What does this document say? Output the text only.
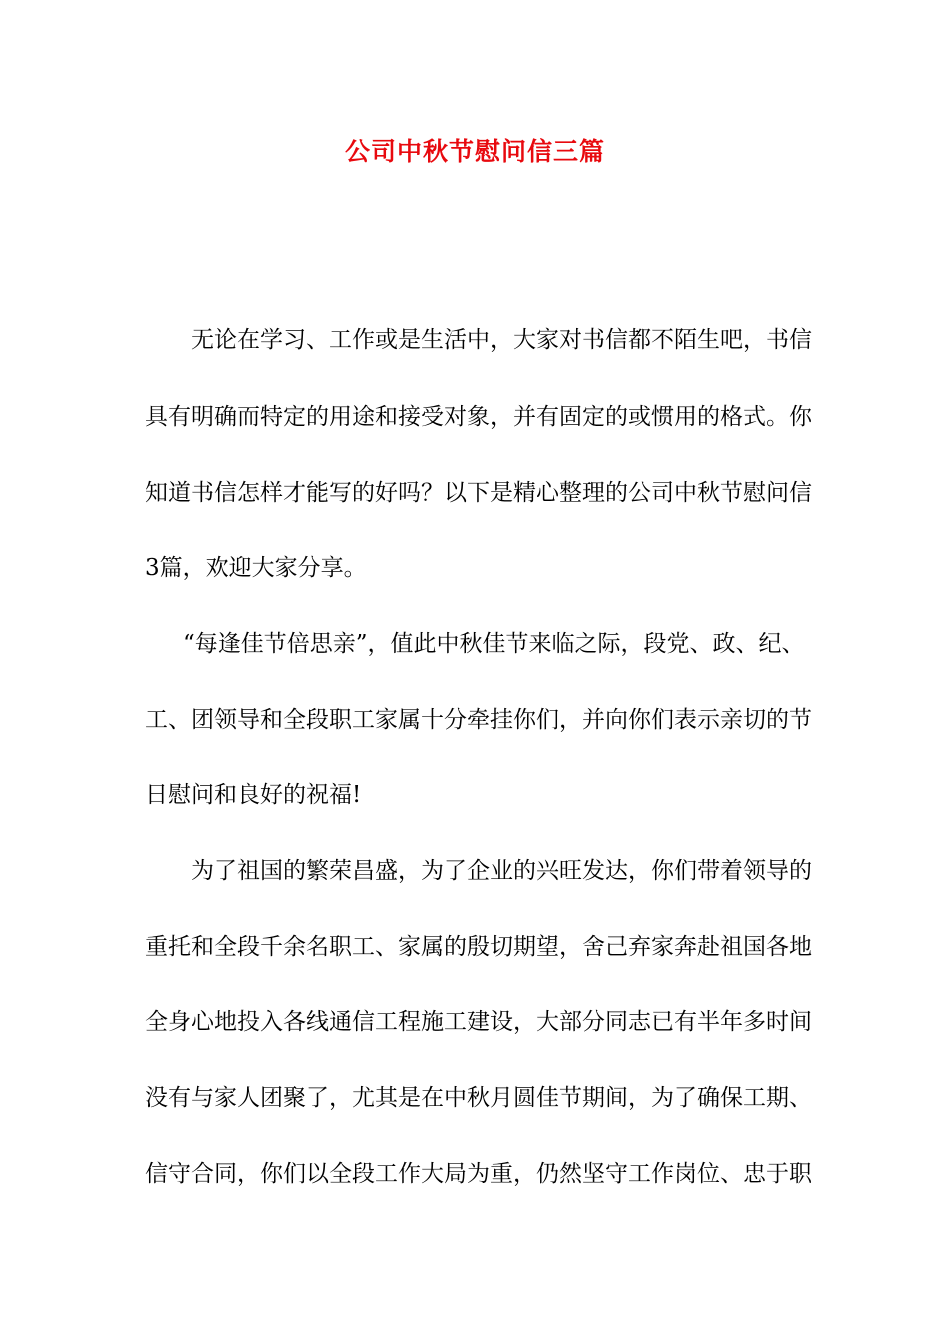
公司中秋节慰问信三篇
无论在学习、工作或是生活中，大家对书信都不陌生吧，书信
具有明确而特定的用途和接受对象，并有固定的或惯用的格式。你
知道书信怎样才能写的好吗？以下是精心整理的公司中秋节慰问信
3篇，欢迎大家分享。
“每逢佳节倍思亲”，值此中秋佳节来临之际，段党、政、纪、
工、团领导和全段职工家属十分牵挂你们，并向你们表示亲切的节
日慰问和良好的祝福!
为了祖国的繁荣昌盛，为了企业的兴旺发达，你们带着领导的
重托和全段千余名职工、家属的殷切期望，舍己弃家奔赴祖国各地
全身心地投入各线通信工程施工建设，大部分同志已有半年多时间
没有与家人团聚了，尤其是在中秋月圆佳节期间，为了确保工期、
信守合同，你们以全段工作大局为重，仍然坚守工作岗位、忠于职
